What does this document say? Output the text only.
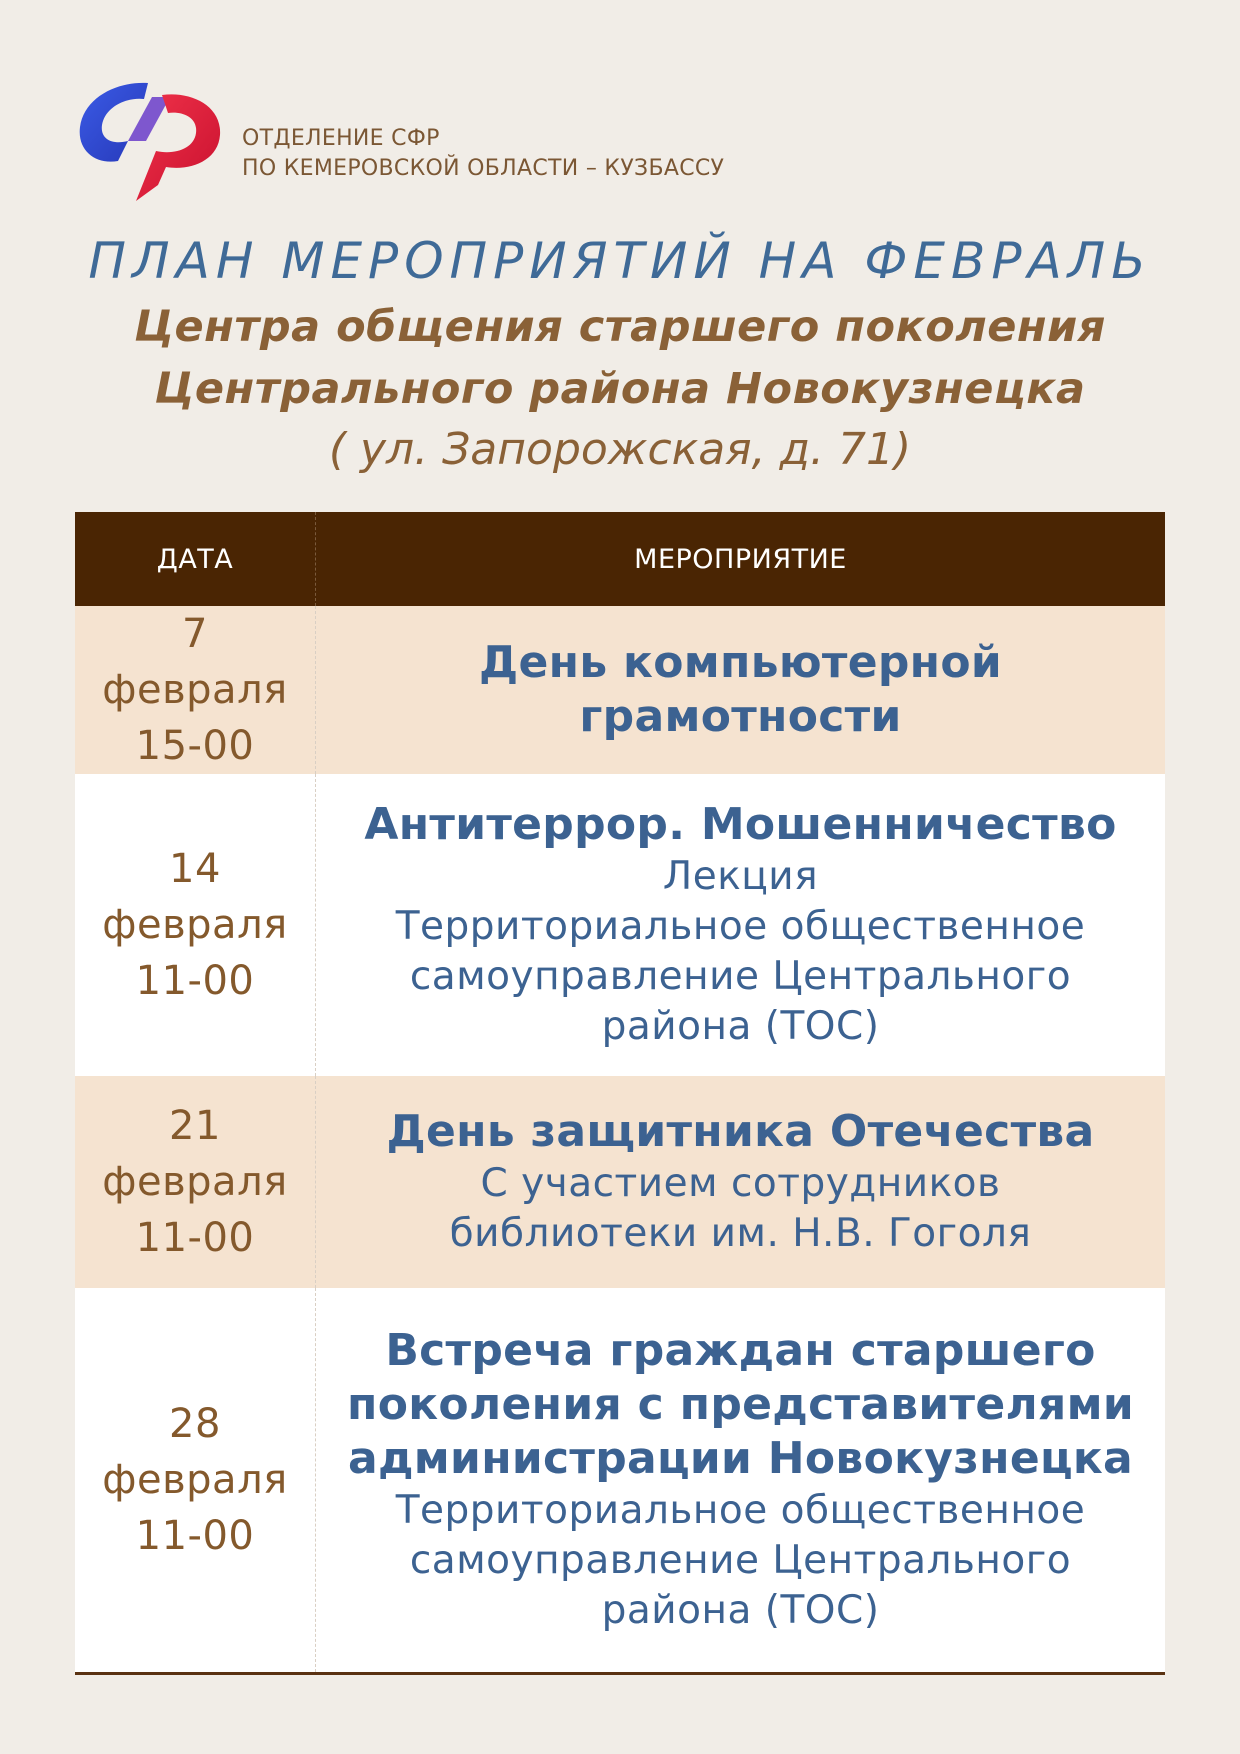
ОТДЕЛЕНИЕ СФР
ПО КЕМЕРОВСКОЙ ОБЛАСТИ – КУЗБАССУ
ПЛАН МЕРОПРИЯТИЙ НА ФЕВРАЛЬ
Центра общения старшего поколения
Центрального района Новокузнецка
( ул. Запорожская, д. 71)
ДАТА	МЕРОПРИЯТИЕ
7
февраля
15-00
День компьютерной
грамотности
14
февраля
11-00
Антитеррор. Мошенничество
Лекция
Территориальное общественное
самоуправление Центрального
района (ТОС)
21
февраля
11-00
День защитника Отечества
С участием сотрудников
библиотеки им. Н.В. Гоголя
28
февраля
11-00
Встреча граждан старшего
поколения с представителями
администрации Новокузнецка
Территориальное общественное
самоуправление Центрального
района (ТОС)
